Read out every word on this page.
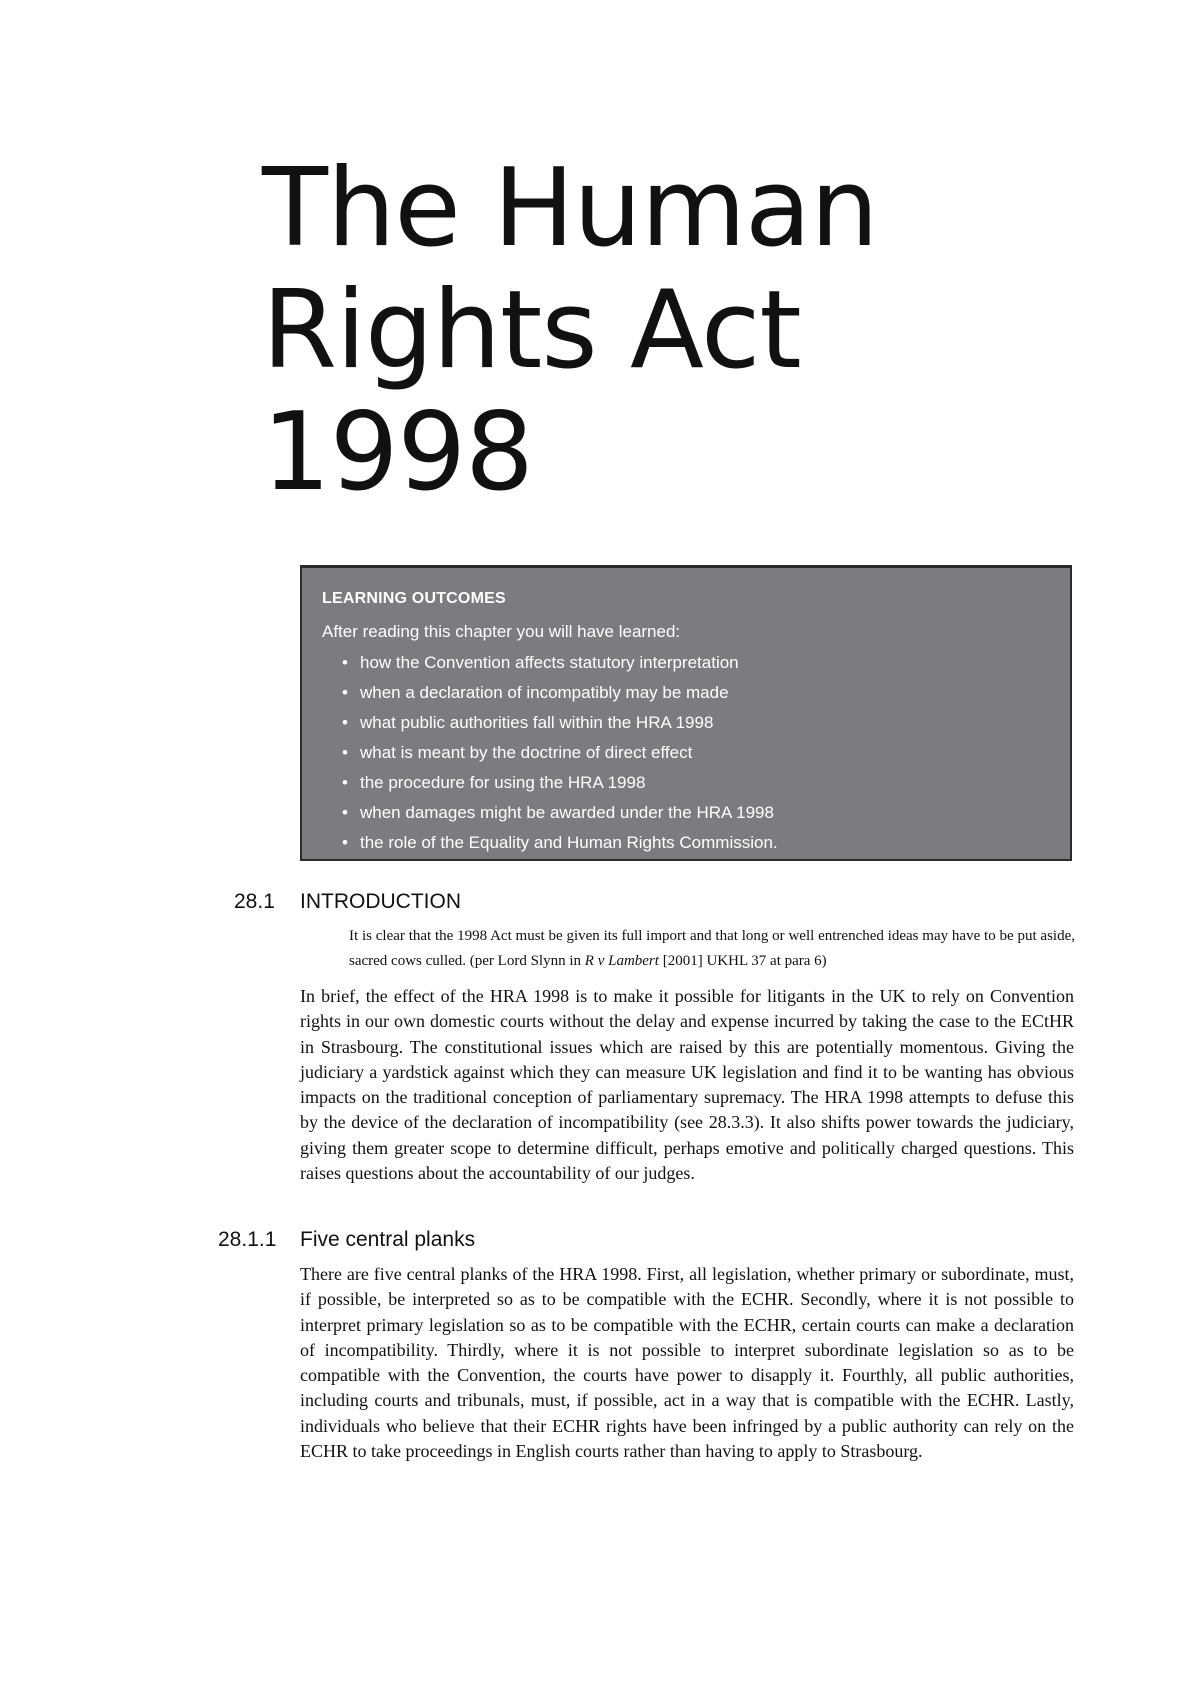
The Human
Rights Act
1998
LEARNING OUTCOMES
After reading this chapter you will have learned:
• how the Convention affects statutory interpretation
• when a declaration of incompatibly may be made
• what public authorities fall within the HRA 1998
• what is meant by the doctrine of direct effect
• the procedure for using the HRA 1998
• when damages might be awarded under the HRA 1998
• the role of the Equality and Human Rights Commission.
28.1 INTRODUCTION

It is clear that the 1998 Act must be given its full import and that long or well entrenched ideas may have to be put aside, sacred cows culled. (per Lord Slynn in R v Lambert [2001] UKHL 37 at para 6)

In brief, the effect of the HRA 1998 is to make it possible for litigants in the UK to rely on Convention rights in our own domestic courts without the delay and expense incurred by taking the case to the ECtHR in Strasbourg. The constitutional issues which are raised by this are potentially momentous. Giving the judiciary a yardstick against which they can measure UK legislation and find it to be wanting has obvious impacts on the traditional conception of parliamentary supremacy. The HRA 1998 attempts to defuse this by the device of the declaration of incompatibility (see 28.3.3). It also shifts power towards the judiciary, giving them greater scope to determine difficult, perhaps emotive and politically charged questions. This raises questions about the accountability of our judges.

28.1.1 Five central planks

There are five central planks of the HRA 1998. First, all legislation, whether primary or subordinate, must, if possible, be interpreted so as to be compatible with the ECHR. Secondly, where it is not possible to interpret primary legislation so as to be compatible with the ECHR, certain courts can make a declaration of incompatibility. Thirdly, where it is not possible to interpret subordinate legislation so as to be compatible with the Convention, the courts have power to disapply it. Fourthly, all public authorities, including courts and tribunals, must, if possible, act in a way that is compatible with the ECHR. Lastly, individuals who believe that their ECHR rights have been infringed by a public authority can rely on the ECHR to take proceedings in English courts rather than having to apply to Strasbourg.
